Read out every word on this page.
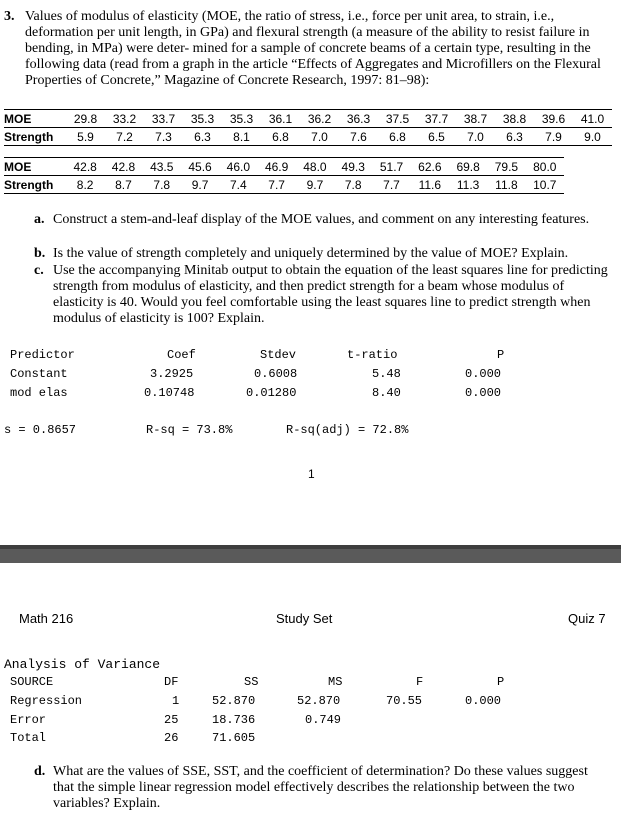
3. Values of modulus of elasticity (MOE, the ratio of stress, i.e., force per unit area, to strain, i.e., deformation per unit length, in GPa) and flexural strength (a measure of the ability to resist failure in bending, in MPa) were deter- mined for a sample of concrete beams of a certain type, resulting in the following data (read from a graph in the article “Effects of Aggregates and Microfillers on the Flexural Properties of Concrete,” Magazine of Concrete Research, 1997: 81–98):
MOE	29.8	33.2	33.7	35.3	35.3	36.1	36.2	36.3	37.5	37.7	38.7	38.8	39.6	41.0
Strength	5.9	7.2	7.3	6.3	8.1	6.8	7.0	7.6	6.8	6.5	7.0	6.3	7.9	9.0
MOE	42.8	42.8	43.5	45.6	46.0	46.9	48.0	49.3	51.7	62.6	69.8	79.5	80.0
Strength	8.2	8.7	7.8	9.7	7.4	7.7	9.7	7.8	7.7	11.6	11.3	11.8	10.7
a. Construct a stem-and-leaf display of the MOE values, and comment on any interesting features.
b. Is the value of strength completely and uniquely determined by the value of MOE? Explain.
c. Use the accompanying Minitab output to obtain the equation of the least squares line for predicting strength from modulus of elasticity, and then predict strength for a beam whose modulus of elasticity is 40. Would you feel comfortable using the least squares line to predict strength when modulus of elasticity is 100? Explain.
Predictor	Coef	Stdev	t-ratio	P
Constant	3.2925	0.6008	5.48	0.000
mod elas	0.10748	0.01280	8.40	0.000
s = 0.8657	R-sq = 73.8%	R-sq(adj) = 72.8%
1
Math 216	Study Set	Quiz 7
Analysis of Variance
SOURCE	DF	SS	MS	F	P
Regression	1	52.870	52.870	70.55	0.000
Error	25	18.736	0.749
Total	26	71.605
d. What are the values of SSE, SST, and the coefficient of determination? Do these values suggest that the simple linear regression model effectively describes the relationship between the two variables? Explain.
